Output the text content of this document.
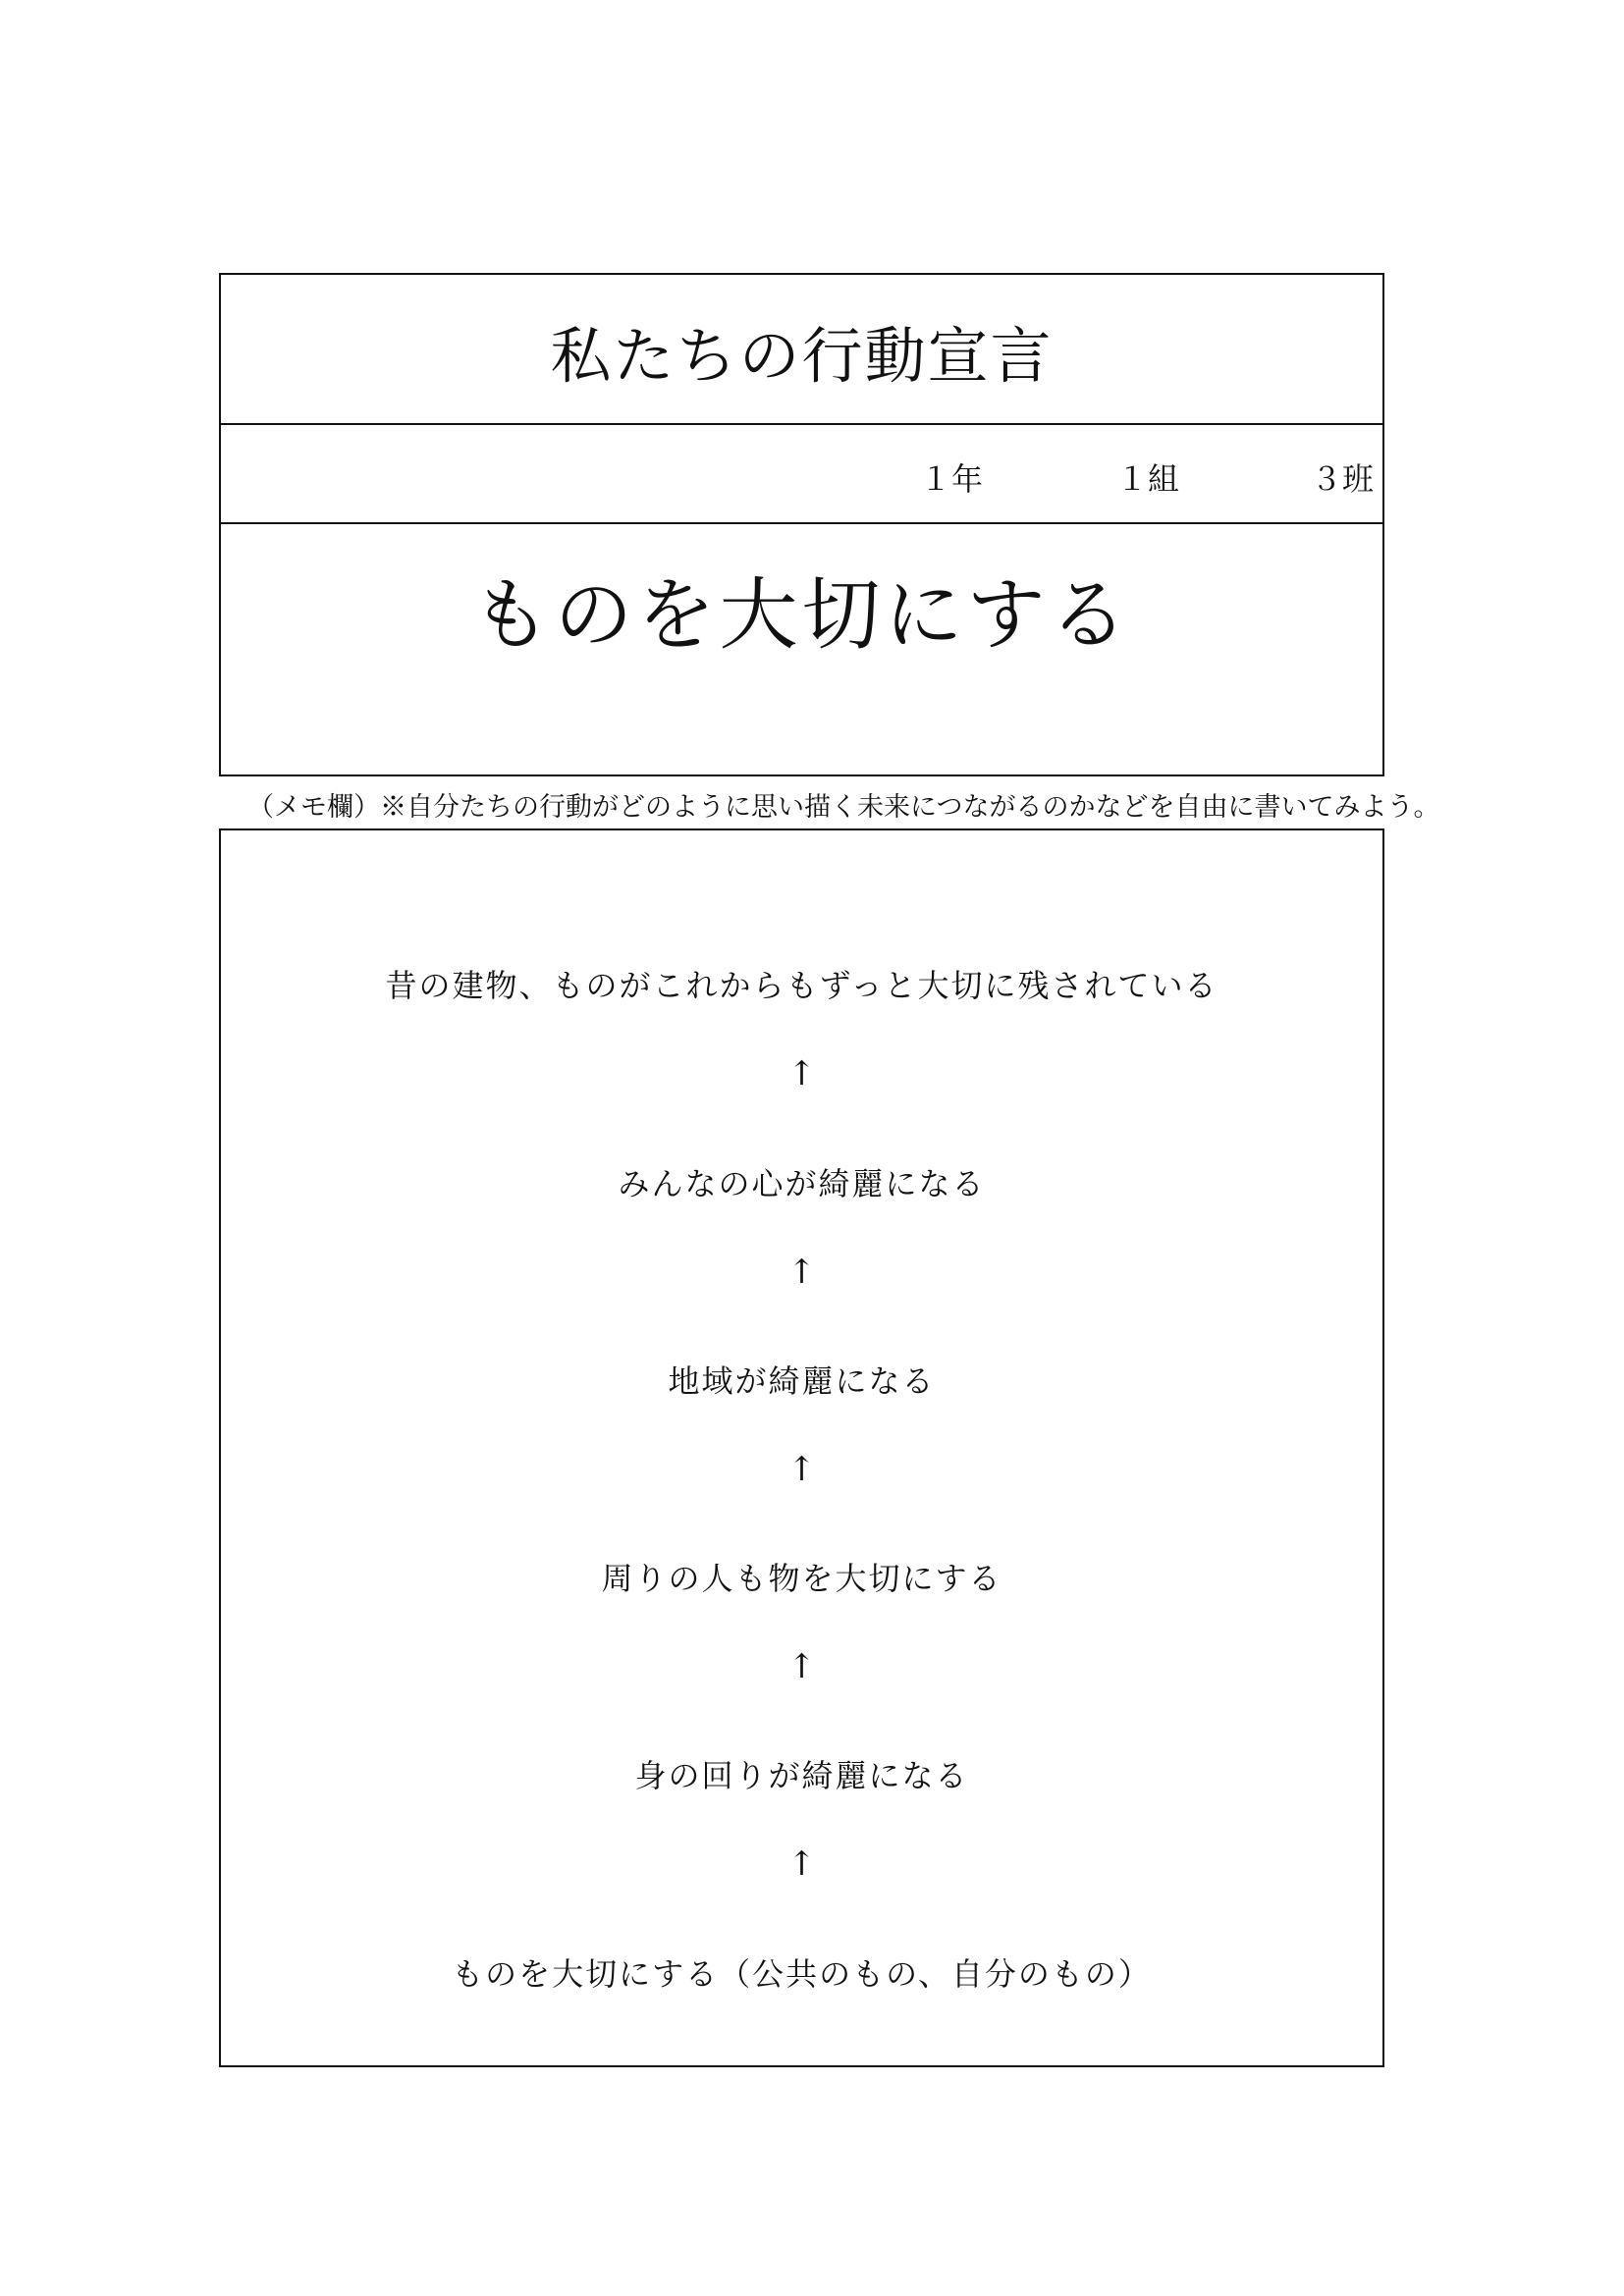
私たちの行動宣言
１年	１組	３班
ものを大切にする
（メモ欄）※自分たちの行動がどのように思い描く未来につながるのかなどを自由に書いてみよう。
昔の建物、ものがこれからもずっと大切に残されている
↑
みんなの心が綺麗になる
↑
地域が綺麗になる
↑
周りの人も物を大切にする
↑
身の回りが綺麗になる
↑
ものを大切にする（公共のもの、自分のもの）
